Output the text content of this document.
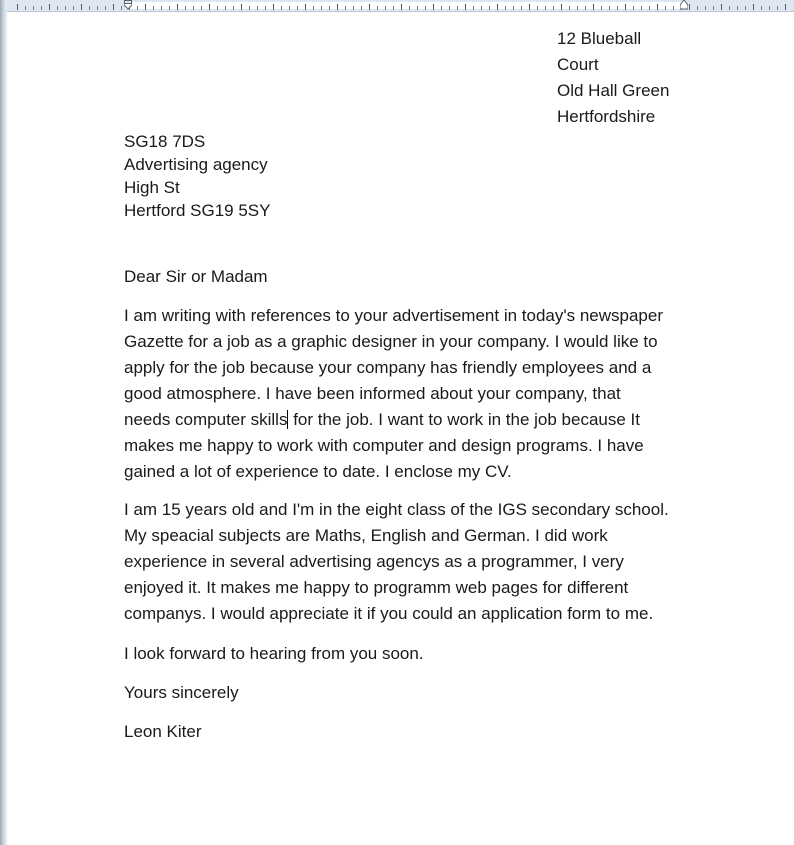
12 Blueball
Court
Old Hall Green
Hertfordshire
SG18 7DS
Advertising agency
High St
Hertford SG19 5SY
Dear Sir or Madam
I am writing with references to your advertisement in today's newspaper
Gazette for a job as a graphic designer in your company. I would like to
apply for the job because your company has friendly employees and a
good atmosphere. I have been informed about your company, that
needs computer skills for the job. I want to work in the job because It
makes me happy to work with computer and design programs. I have
gained a lot of experience to date. I enclose my CV.
I am 15 years old and I'm in the eight class of the IGS secondary school.
My speacial subjects are Maths, English and German. I did work
experience in several advertising agencys as a programmer, I very
enjoyed it. It makes me happy to programm web pages for different
companys. I would appreciate it if you could an application form to me.
I look forward to hearing from you soon.
Yours sincerely
Leon Kiter
